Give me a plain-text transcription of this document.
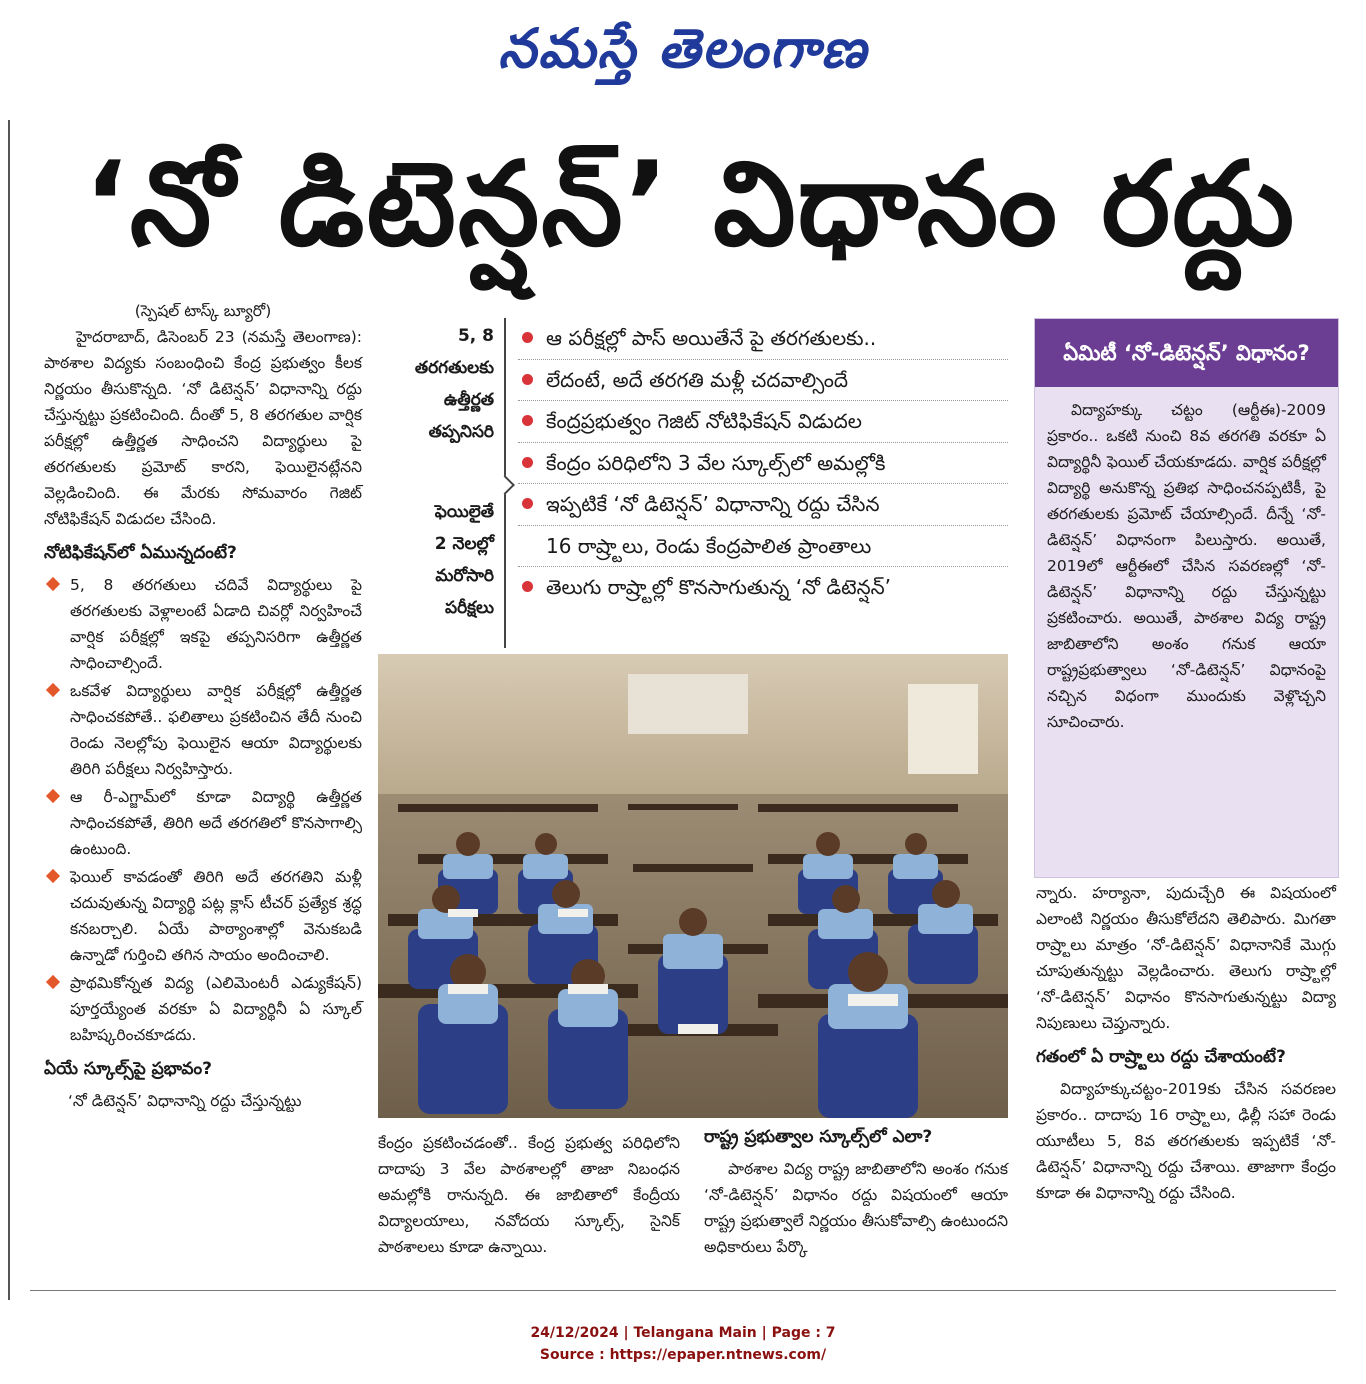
నమస్తే తెలంగాణ
‘నో డిటెన్షన్’ విధానం రద్దు

(స్పెషల్ టాస్క్ బ్యూరో)

హైదరాబాద్, డిసెంబర్ 23 (నమస్తే తెలంగాణ): పాఠశాల విద్యకు సంబంధించి కేంద్ర ప్రభుత్వం కీలక నిర్ణయం తీసుకొన్నది. ‘నో డిటెన్షన్’ విధానాన్ని రద్దు చేస్తున్నట్టు ప్రకటించింది. దీంతో 5, 8 తరగతుల వార్షిక పరీక్షల్లో ఉత్తీర్ణత సాధించని విద్యార్థులు పై తరగతులకు ప్రమోట్ కారని, ఫెయిలైనట్లేనని వెల్లడించింది. ఈ మేరకు సోమవారం గెజిట్ నోటిఫికేషన్ విడుదల చేసింది.

నోటిఫికేషన్‌లో ఏమున్నదంటే?
5, 8 తరగతులు చదివే విద్యార్థులు పై తరగతులకు వెళ్లాలంటే ఏడాది చివర్లో నిర్వహించే వార్షిక పరీక్షల్లో ఇకపై తప్పనిసరిగా ఉత్తీర్ణత సాధించాల్సిందే.
ఒకవేళ విద్యార్థులు వార్షిక పరీక్షల్లో ఉత్తీర్ణత సాధించకపోతే.. ఫలితాలు ప్రకటించిన తేదీ నుంచి రెండు నెలల్లోపు ఫెయిలైన ఆయా విద్యార్థులకు తిరిగి పరీక్షలు నిర్వహిస్తారు.
ఆ రీ-ఎగ్జామ్‌లో కూడా విద్యార్థి ఉత్తీర్ణత సాధించకపోతే, తిరిగి అదే తరగతిలో కొనసాగాల్సి ఉంటుంది.
ఫెయిల్ కావడంతో తిరిగి అదే తరగతిని మళ్లీ చదువుతున్న విద్యార్థి పట్ల క్లాస్ టీచర్ ప్రత్యేక శ్రద్ధ కనబర్చాలి. ఏయే పాఠ్యాంశాల్లో వెనుకబడి ఉన్నాడో గుర్తించి తగిన సాయం అందించాలి.
ప్రాథమికోన్నత విద్య (ఎలిమెంటరీ ఎడ్యుకేషన్) పూర్తయ్యేంత వరకూ ఏ విద్యార్థినీ ఏ స్కూల్ బహిష్కరించకూడదు.
ఏయే స్కూల్స్‌పై ప్రభావం?

‘నో డిటెన్షన్’ విధానాన్ని రద్దు చేస్తున్నట్టు

5, 8
తరగతులకు
ఉత్తీర్ణత
తప్పనిసరి
ఫెయిలైతే
2 నెలల్లో
మరోసారి
పరీక్షలు
ఆ పరీక్షల్లో పాస్ అయితేనే పై తరగతులకు..
లేదంటే, అదే తరగతి మళ్లీ చదవాల్సిందే
కేంద్రప్రభుత్వం గెజిట్ నోటిఫికేషన్ విడుదల
కేంద్రం పరిధిలోని 3 వేల స్కూల్స్‌లో అమల్లోకి
ఇప్పటికే ‘నో డిటెన్షన్’ విధానాన్ని రద్దు చేసిన
16 రాష్ర్టాలు, రెండు కేంద్రపాలిత ప్రాంతాలు
తెలుగు రాష్ర్టాల్లో కొనసాగుతున్న ‘నో డిటెన్షన్’

కేంద్రం ప్రకటించడంతో.. కేంద్ర ప్రభుత్వ పరిధిలోని దాదాపు 3 వేల పాఠశాలల్లో తాజా నిబంధన అమల్లోకి రానున్నది. ఈ జాబితాలో కేంద్రీయ విద్యాలయాలు, నవోదయ స్కూల్స్, సైనిక్ పాఠశాలలు కూడా ఉన్నాయి.

రాష్ట్ర ప్రభుత్వాల స్కూల్స్‌లో ఎలా?

పాఠశాల విద్య రాష్ట్ర జాబితాలోని అంశం గనుక ‘నో-డిటెన్షన్’ విధానం రద్దు విషయంలో ఆయా రాష్ట్ర ప్రభుత్వాలే నిర్ణయం తీసుకోవాల్సి ఉంటుందని అధికారులు పేర్కొ

ఏమిటీ ‘నో-డిటెన్షన్’ విధానం?
విద్యాహక్కు చట్టం (ఆర్టీఈ)-2009 ప్రకారం.. ఒకటి నుంచి 8వ తరగతి వరకూ ఏ విద్యార్థినీ ఫెయిల్ చేయకూడదు. వార్షిక పరీక్షల్లో విద్యార్థి అనుకొన్న ప్రతిభ సాధించనప్పటికీ, పై తరగతులకు ప్రమోట్ చేయాల్సిందే. దీన్నే ‘నో-డిటెన్షన్’ విధానంగా పిలుస్తారు. అయితే, 2019లో ఆర్టీఈలో చేసిన సవరణల్లో ‘నో-డిటెన్షన్’ విధానాన్ని రద్దు చేస్తున్నట్టు ప్రకటించారు. అయితే, పాఠశాల విద్య రాష్ట్ర జాబితాలోని అంశం గనుక ఆయా రాష్ట్రప్రభుత్వాలు ‘నో-డిటెన్షన్’ విధానంపై నచ్చిన విధంగా ముందుకు వెళ్లొచ్చని సూచించారు.

న్నారు. హర్యానా, పుదుచ్చేరి ఈ విషయంలో ఎలాంటి నిర్ణయం తీసుకోలేదని తెలిపారు. మిగతా రాష్ర్టాలు మాత్రం ‘నో-డిటెన్షన్’ విధానానికే మొగ్గు చూపుతున్నట్టు వెల్లడించారు. తెలుగు రాష్ర్టాల్లో ‘నో-డిటెన్షన్’ విధానం కొనసాగుతున్నట్టు విద్యా నిపుణులు చెప్తున్నారు.

గతంలో ఏ రాష్ర్టాలు రద్దు చేశాయంటే?

విద్యాహక్కుచట్టం-2019కు చేసిన సవరణల ప్రకారం.. దాదాపు 16 రాష్ర్టాలు, ఢిల్లీ సహా రెండు యూటీలు 5, 8వ తరగతులకు ఇప్పటికే ‘నో-డిటెన్షన్’ విధానాన్ని రద్దు చేశాయి. తాజాగా కేంద్రం కూడా ఈ విధానాన్ని రద్దు చేసింది.

24/12/2024 | Telangana Main | Page : 7
Source : https://epaper.ntnews.com/
